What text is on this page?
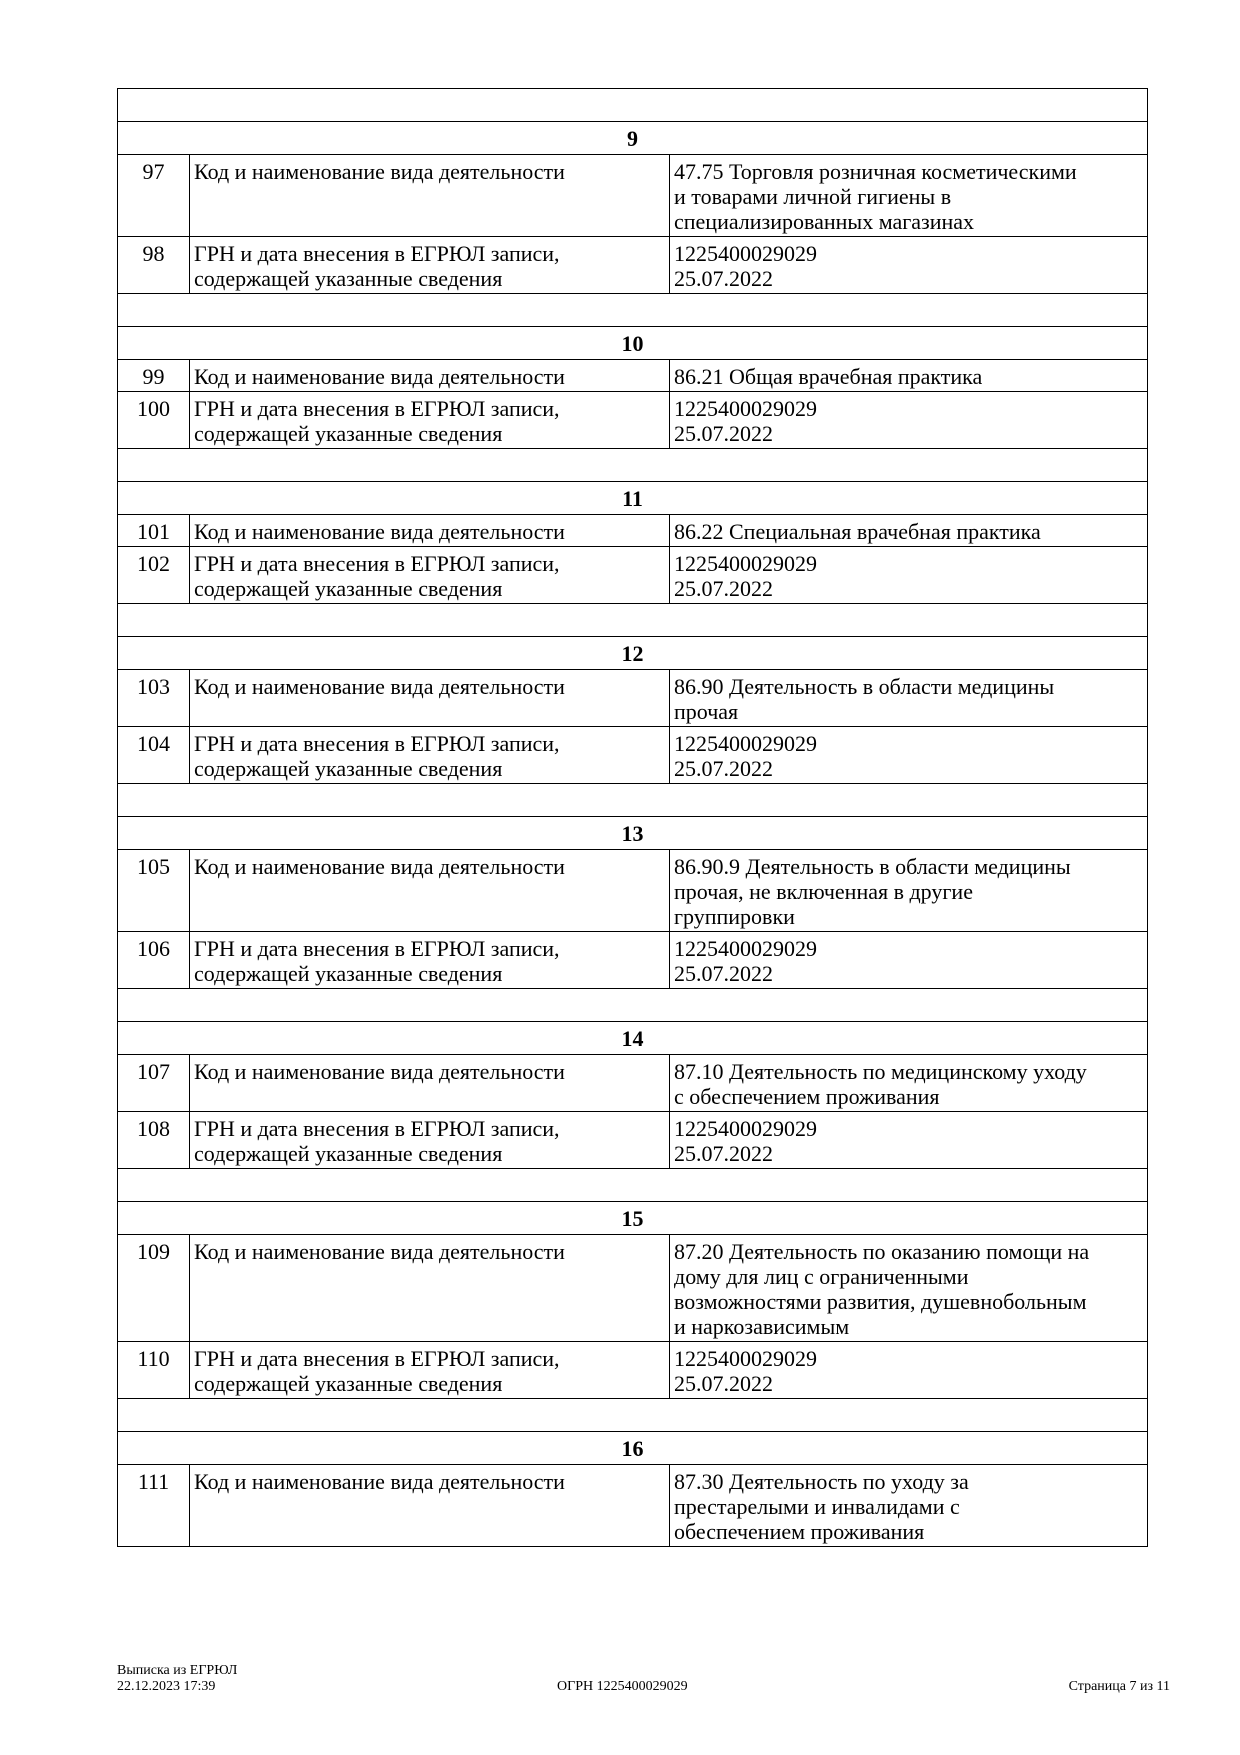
9		
97	Код и наименование вида деятельности	47.75 Торговля розничная косметическими
и товарами личной гигиены в
специализированных магазинах

98	ГРН и дата внесения в ЕГРЮЛ записи,
содержащей указанные сведения	1225400029029
25.07.2022

10		
99	Код и наименование вида деятельности	86.21 Общая врачебная практика

100	ГРН и дата внесения в ЕГРЮЛ записи,
содержащей указанные сведения	1225400029029
25.07.2022

11		
101	Код и наименование вида деятельности	86.22 Специальная врачебная практика

102	ГРН и дата внесения в ЕГРЮЛ записи,
содержащей указанные сведения	1225400029029
25.07.2022

12		
103	Код и наименование вида деятельности	86.90 Деятельность в области медицины
прочая

104	ГРН и дата внесения в ЕГРЮЛ записи,
содержащей указанные сведения	1225400029029
25.07.2022

13		
105	Код и наименование вида деятельности	86.90.9 Деятельность в области медицины
прочая, не включенная в другие
группировки

106	ГРН и дата внесения в ЕГРЮЛ записи,
содержащей указанные сведения	1225400029029
25.07.2022

14		
107	Код и наименование вида деятельности	87.10 Деятельность по медицинскому уходу
с обеспечением проживания

108	ГРН и дата внесения в ЕГРЮЛ записи,
содержащей указанные сведения	1225400029029
25.07.2022

15		
109	Код и наименование вида деятельности	87.20 Деятельность по оказанию помощи на
дому для лиц с ограниченными
возможностями развития, душевнобольным
и наркозависимым

110	ГРН и дата внесения в ЕГРЮЛ записи,
содержащей указанные сведения	1225400029029
25.07.2022

16		
111	Код и наименование вида деятельности	87.30 Деятельность по уходу за
престарелыми и инвалидами с
обеспечением проживания
Выписка из ЕГРЮЛ
22.12.2023 17:39	ОГРН 1225400029029	Страница 7 из 11
